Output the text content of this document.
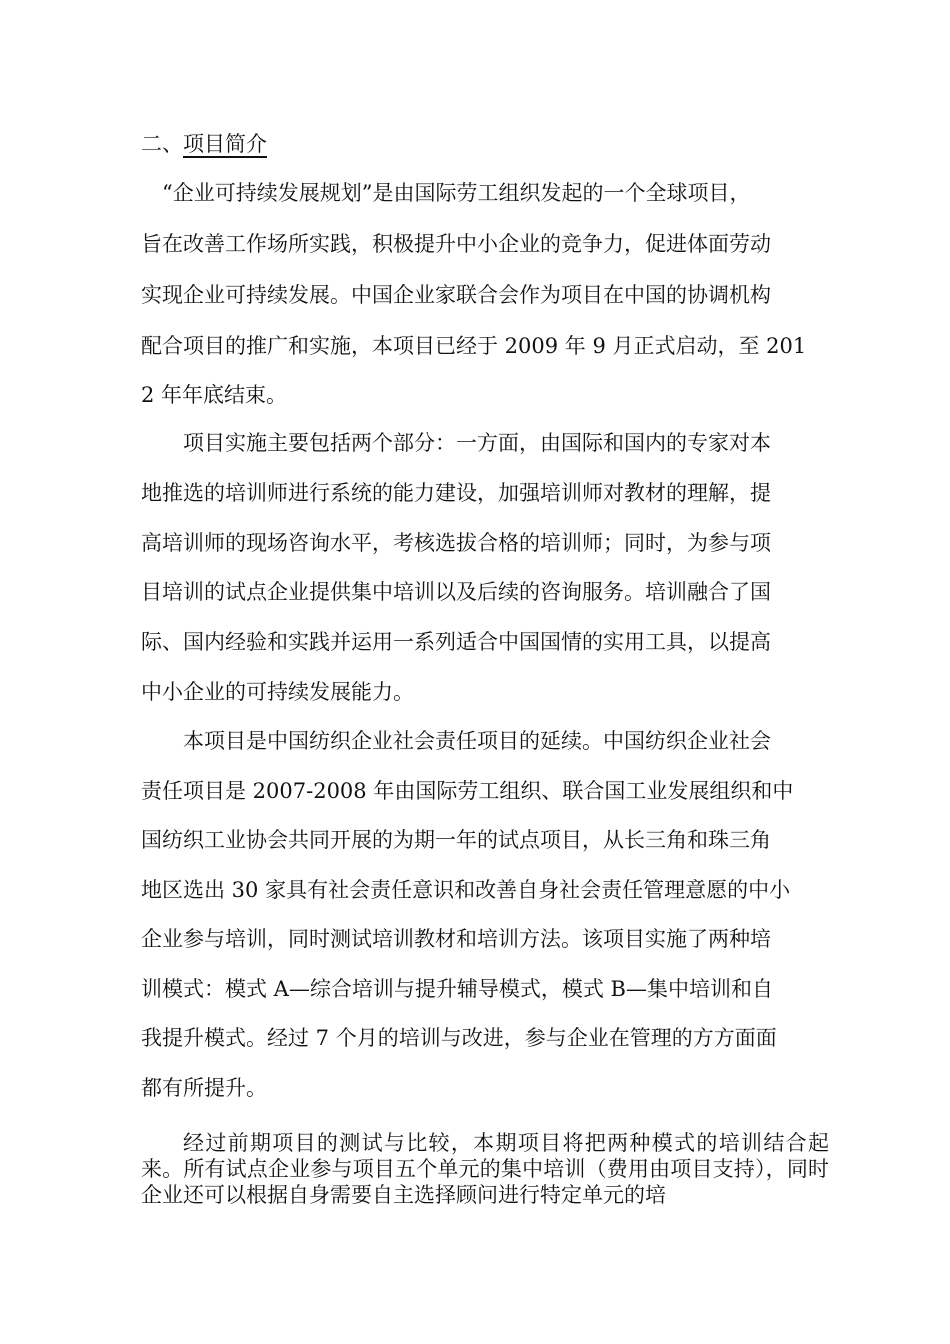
二、项目简介
　“企业可持续发展规划”是由国际劳工组织发起的一个全球项目，
旨在改善工作场所实践，积极提升中小企业的竞争力，促进体面劳动
实现企业可持续发展。中国企业家联合会作为项目在中国的协调机构
配合项目的推广和实施，本项目已经于 2009 年 9 月正式启动，至 201
2 年年底结束。
　　项目实施主要包括两个部分：一方面，由国际和国内的专家对本
地推选的培训师进行系统的能力建设，加强培训师对教材的理解，提
高培训师的现场咨询水平，考核选拔合格的培训师；同时，为参与项
目培训的试点企业提供集中培训以及后续的咨询服务。培训融合了国
际、国内经验和实践并运用一系列适合中国国情的实用工具，以提高
中小企业的可持续发展能力。
　　本项目是中国纺织企业社会责任项目的延续。中国纺织企业社会
责任项目是 2007-2008 年由国际劳工组织、联合国工业发展组织和中
国纺织工业协会共同开展的为期一年的试点项目，从长三角和珠三角
地区选出 30 家具有社会责任意识和改善自身社会责任管理意愿的中小
企业参与培训，同时测试培训教材和培训方法。该项目实施了两种培
训模式：模式 A—综合培训与提升辅导模式，模式 B—集中培训和自
我提升模式。经过 7 个月的培训与改进，参与企业在管理的方方面面
都有所提升。
经过前期项目的测试与比较，本期项目将把两种模式的培训结合起来。所有试点企业参与项目五个单元的集中培训（费用由项目支持），同时企业还可以根据自身需要自主选择顾问进行特定单元的培
